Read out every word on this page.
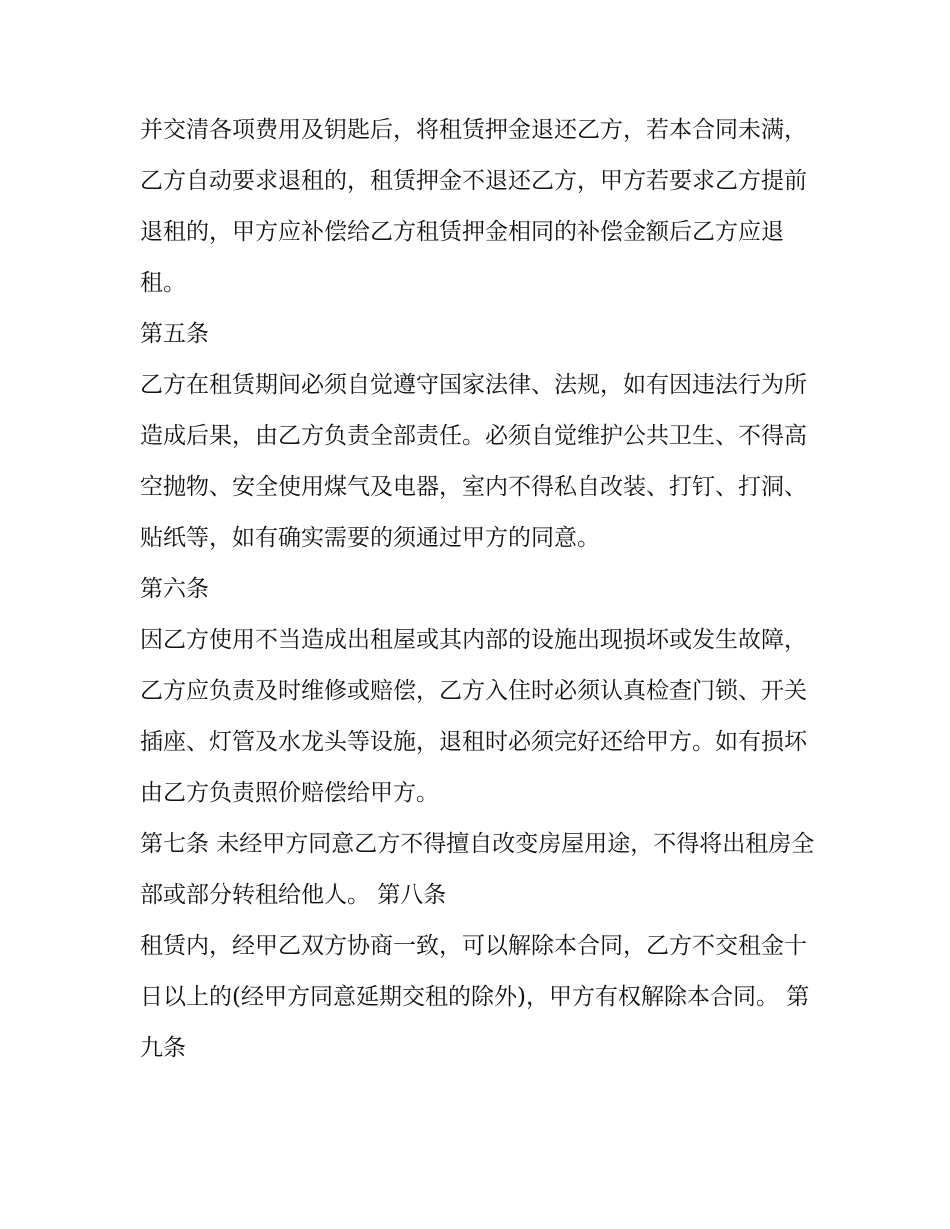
并交清各项费用及钥匙后，将租赁押金退还乙方，若本合同未满，乙方自动要求退租的，租赁押金不退还乙方，甲方若要求乙方提前退租的，甲方应补偿给乙方租赁押金相同的补偿金额后乙方应退租。

第五条

乙方在租赁期间必须自觉遵守国家法律、法规，如有因违法行为所造成后果，由乙方负责全部责任。必须自觉维护公共卫生、不得高空抛物、安全使用煤气及电器，室内不得私自改装、打钉、打洞、贴纸等，如有确实需要的须通过甲方的同意。

第六条

因乙方使用不当造成出租屋或其内部的设施出现损坏或发生故障，乙方应负责及时维修或赔偿，乙方入住时必须认真检查门锁、开关插座、灯管及水龙头等设施，退租时必须完好还给甲方。如有损坏由乙方负责照价赔偿给甲方。

第七条 未经甲方同意乙方不得擅自改变房屋用途，不得将出租房全部或部分转租给他人。 第八条

租赁内，经甲乙双方协商一致，可以解除本合同，乙方不交租金十日以上的(经甲方同意延期交租的除外)，甲方有权解除本合同。 第九条
